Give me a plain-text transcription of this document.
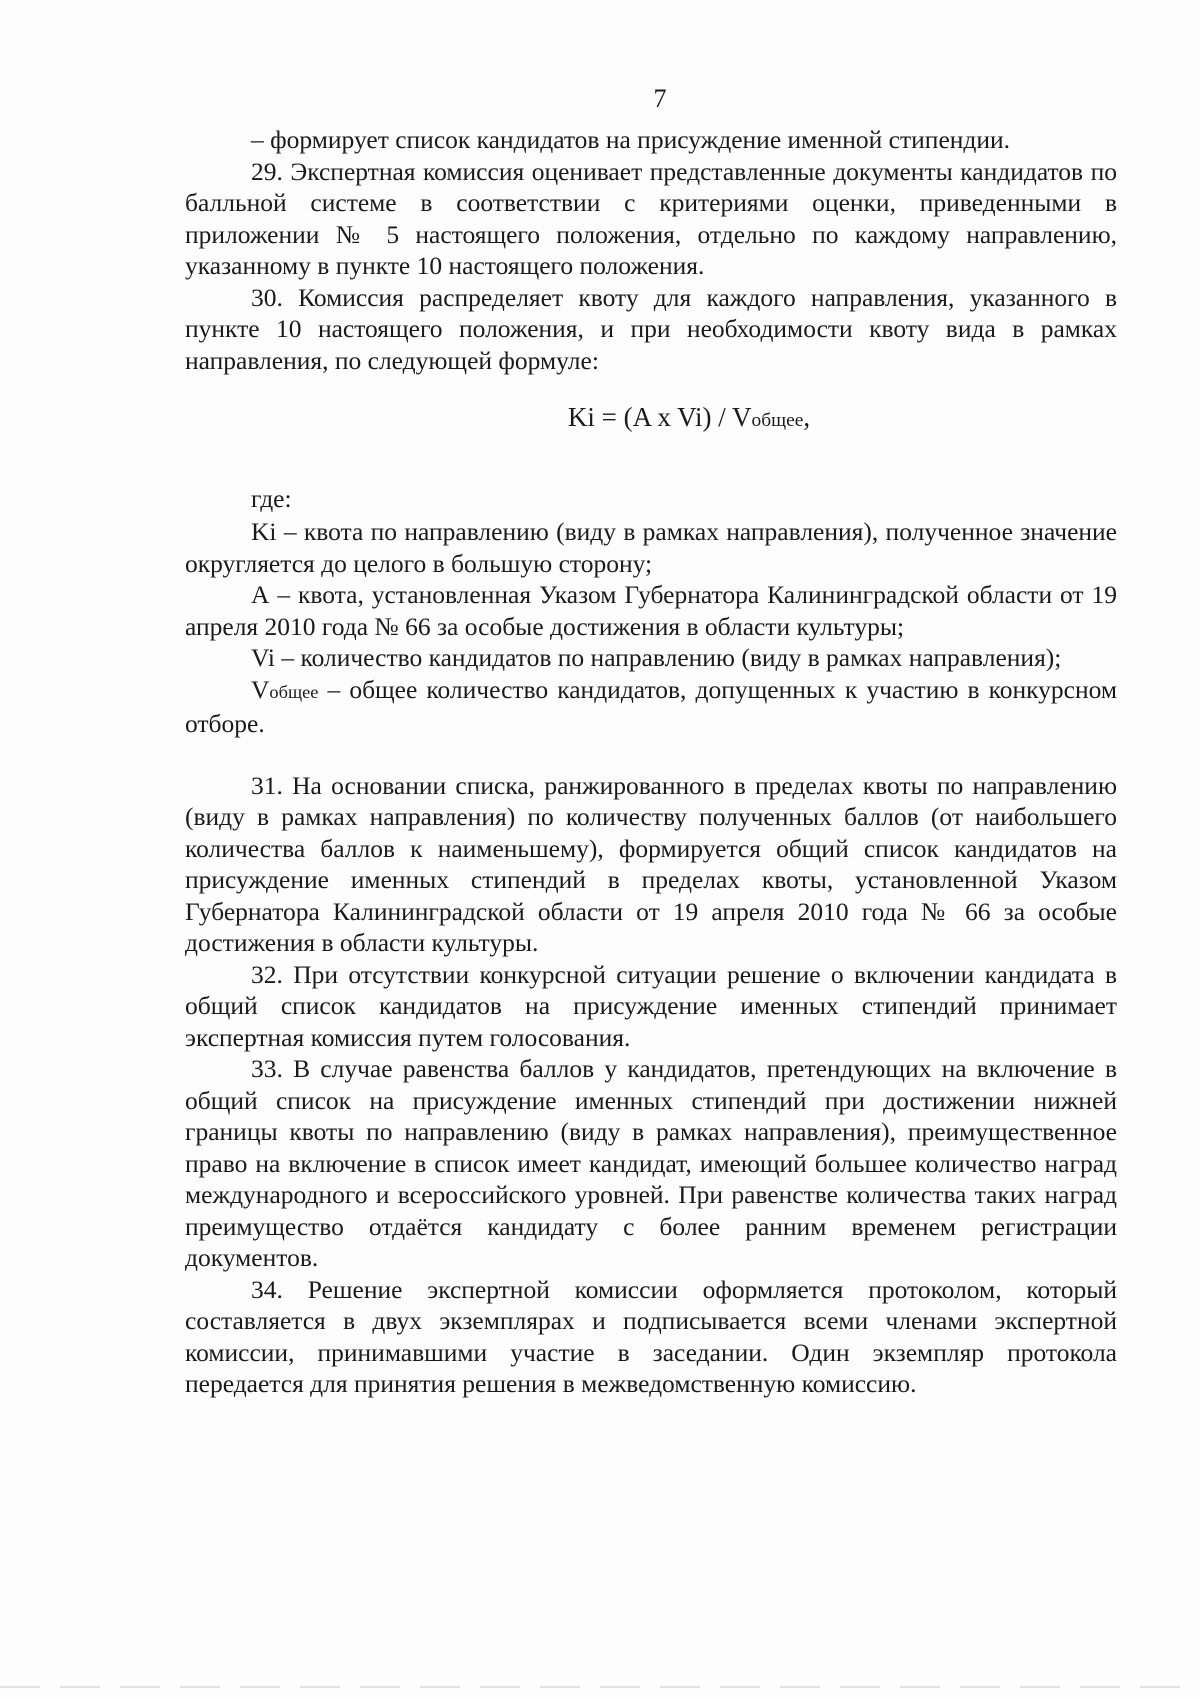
7

– формирует список кандидатов на присуждение именной стипендии.

29. Экспертная комиссия оценивает представленные документы кандидатов по балльной системе в соответствии с критериями оценки, приведенными в приложении № 5 настоящего положения, отдельно по каждому направлению, указанному в пункте 10 настоящего положения.

30. Комиссия распределяет квоту для каждого направления, указанного в пункте 10 настоящего положения, и при необходимости квоту вида в рамках направления, по следующей формуле:

Ki = (A x Vi) / Vобщее,
где:

Ki – квота по направлению (виду в рамках направления), полученное значение округляется до целого в большую сторону;

А – квота, установленная Указом Губернатора Калининградской области от 19 апреля 2010 года № 66 за особые достижения в области культуры;

Vi – количество кандидатов по направлению (виду в рамках направления);

Vобщее – общее количество кандидатов, допущенных к участию в конкурсном отборе.

31. На основании списка, ранжированного в пределах квоты по направлению (виду в рамках направления) по количеству полученных баллов (от наибольшего количества баллов к наименьшему), формируется общий список кандидатов на присуждение именных стипендий в пределах квоты, установленной Указом Губернатора Калининградской области от 19 апреля 2010 года № 66 за особые достижения в области культуры.

32. При отсутствии конкурсной ситуации решение о включении кандидата в общий список кандидатов на присуждение именных стипендий принимает экспертная комиссия путем голосования.

33. В случае равенства баллов у кандидатов, претендующих на включение в общий список на присуждение именных стипендий при достижении нижней границы квоты по направлению (виду в рамках направления), преимущественное право на включение в список имеет кандидат, имеющий большее количество наград международного и всероссийского уровней. При равенстве количества таких наград преимущество отдаётся кандидату с более ранним временем регистрации документов.

34. Решение экспертной комиссии оформляется протоколом, который составляется в двух экземплярах и подписывается всеми членами экспертной комиссии, принимавшими участие в заседании. Один экземпляр протокола передается для принятия решения в межведомственную комиссию.
